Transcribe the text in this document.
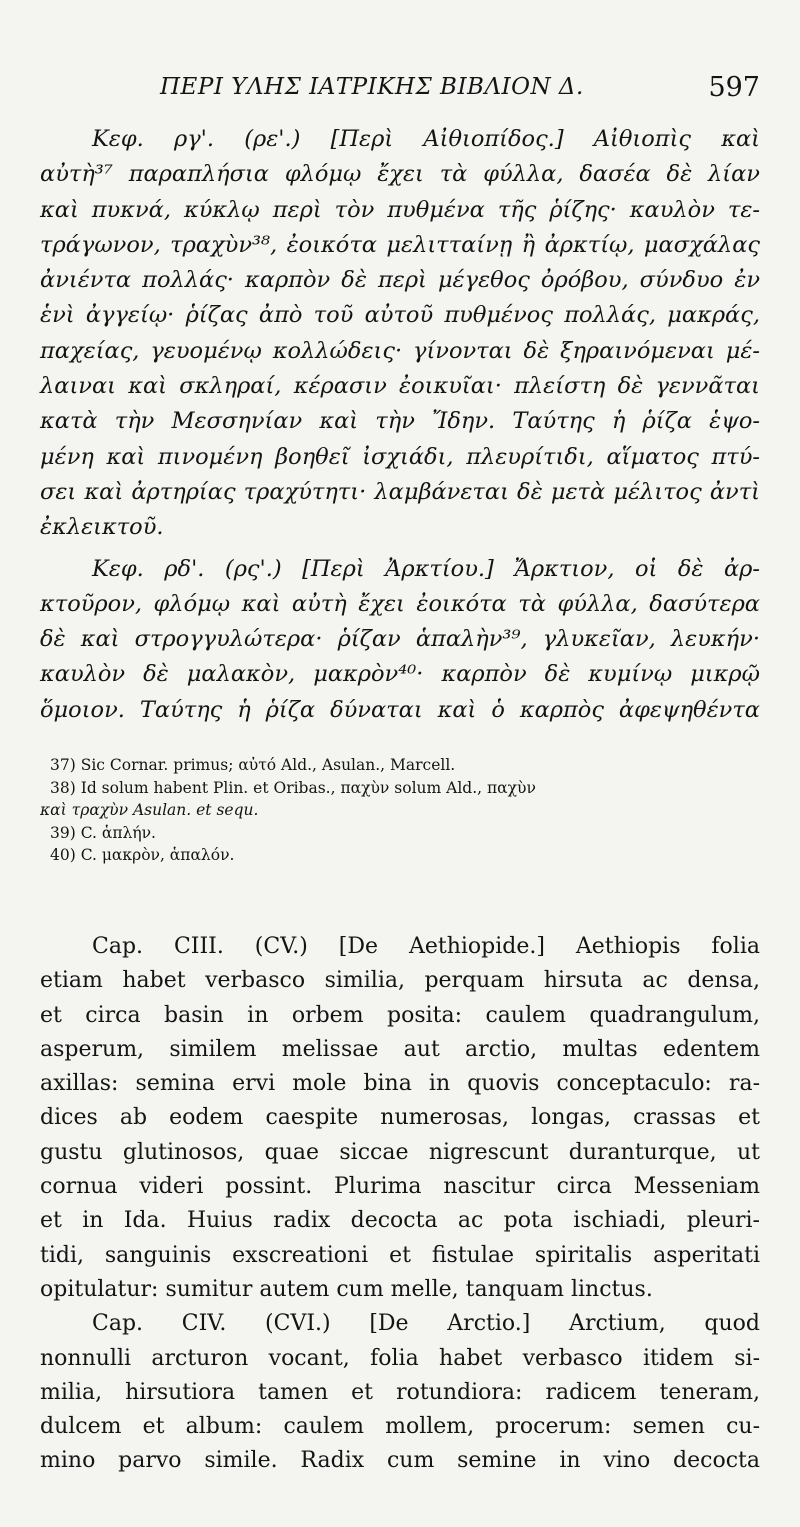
ΠΕΡΙ ΥΛΗΣ ΙΑΤΡΙΚΗΣ ΒΙΒΛΙΟΝ Δ.	597

Κεφ. ργ'. (ρε'.) [Περὶ Αἰθιοπίδος.] Αἰθιοπὶς καὶ
αὐτὴ³⁷ παραπλήσια φλόμῳ ἔχει τὰ φύλλα, δασέα δὲ λίαν
καὶ πυκνά, κύκλῳ περὶ τὸν πυθμένα τῆς ῥίζης· καυλὸν τε-
τράγωνον, τραχὺν³⁸, ἐοικότα μελιτταίνῃ ἢ ἀρκτίῳ, μασχάλας
ἀνιέντα πολλάς· καρπὸν δὲ περὶ μέγεθος ὀρόβου, σύνδυο ἐν
ἑνὶ ἀγγείῳ· ῥίζας ἀπὸ τοῦ αὐτοῦ πυθμένος πολλάς, μακράς,
παχείας, γευομένῳ κολλώδεις· γίνονται δὲ ξηραινόμεναι μέ-
λαιναι καὶ σκληραί, κέρασιν ἐοικυῖαι· πλείστη δὲ γεννᾶται
κατὰ τὴν Μεσσηνίαν καὶ τὴν Ἴδην. Ταύτης ἡ ῥίζα ἑψο-
μένη καὶ πινομένη βοηθεῖ ἰσχιάδι, πλευρίτιδι, αἵματος πτύ-
σει καὶ ἀρτηρίας τραχύτητι· λαμβάνεται δὲ μετὰ μέλιτος ἀντὶ
ἐκλεικτοῦ.

Κεφ. ρδ'. (ρς'.) [Περὶ Ἀρκτίου.] Ἄρκτιον, οἱ δὲ ἀρ-
κτοῦρον, φλόμῳ καὶ αὐτὴ ἔχει ἐοικότα τὰ φύλλα, δασύτερα
δὲ καὶ στρογγυλώτερα· ῥίζαν ἁπαλὴν³⁹, γλυκεῖαν, λευκήν·
καυλὸν δὲ μαλακὸν, μακρὸν⁴⁰· καρπὸν δὲ κυμίνῳ μικρῷ
ὅμοιον. Ταύτης ἡ ῥίζα δύναται καὶ ὁ καρπὸς ἀφεψηθέντα

37) Sic Cornar. primus; αὐτό Ald., Asulan., Marcell.

38) Id solum habent Plin. et Oribas., παχὺν solum Ald., παχὺν

καὶ τραχὺν Asulan. et sequ.

39) C. ἁπλήν.

40) C. μακρὸν, ἁπαλόν.

Cap. CIII. (CV.) [De Aethiopide.] Aethiopis folia
etiam habet verbasco similia, perquam hirsuta ac densa,
et circa basin in orbem posita: caulem quadrangulum,
asperum, similem melissae aut arctio, multas edentem
axillas: semina ervi mole bina in quovis conceptaculo: ra-
dices ab eodem caespite numerosas, longas, crassas et
gustu glutinosos, quae siccae nigrescunt duranturque, ut
cornua videri possint. Plurima nascitur circa Messeniam
et in Ida. Huius radix decocta ac pota ischiadi, pleuri-
tidi, sanguinis exscreationi et fistulae spiritalis asperitati
opitulatur: sumitur autem cum melle, tanquam linctus.

Cap. CIV. (CVI.) [De Arctio.] Arctium, quod
nonnulli arcturon vocant, folia habet verbasco itidem si-
milia, hirsutiora tamen et rotundiora: radicem teneram,
dulcem et album: caulem mollem, procerum: semen cu-
mino parvo simile. Radix cum semine in vino decocta
